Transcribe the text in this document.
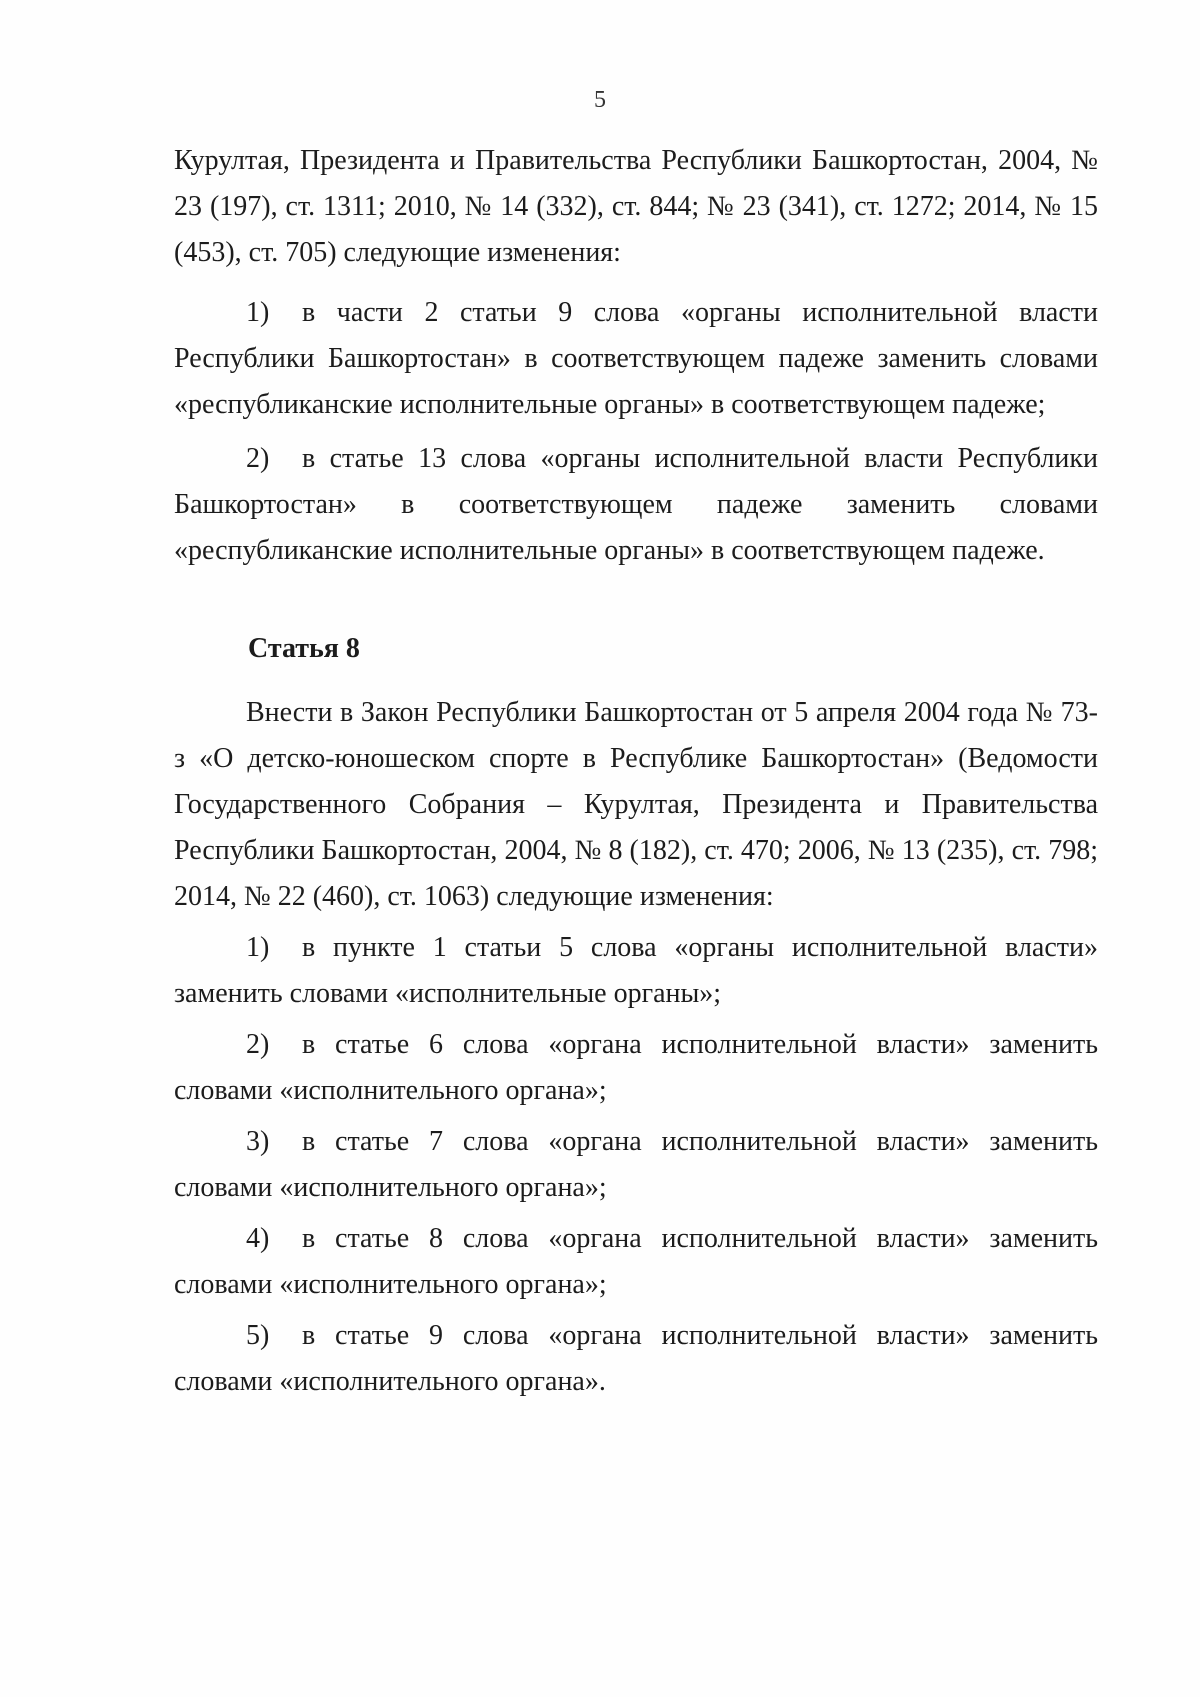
5

Курултая, Президента и Правительства Республики Башкортостан, 2004, № 23 (197), ст. 1311; 2010, № 14 (332), ст. 844; № 23 (341), ст. 1272; 2014, № 15 (453), ст. 705) следующие изменения:

1) в части 2 статьи 9 слова «органы исполнительной власти Республики Башкортостан» в соответствующем падеже заменить словами «республиканские исполнительные органы» в соответствующем падеже;

2) в статье 13 слова «органы исполнительной власти Республики Башкортостан» в соответствующем падеже заменить словами «республиканские исполнительные органы» в соответствующем падеже.

Статья 8

Внести в Закон Республики Башкортостан от 5 апреля 2004 года № 73-з «О детско-юношеском спорте в Республике Башкортостан» (Ведомости Государственного Собрания – Курултая, Президента и Правительства Республики Башкортостан, 2004, № 8 (182), ст. 470; 2006, № 13 (235), ст. 798; 2014, № 22 (460), ст. 1063) следующие изменения:

1) в пункте 1 статьи 5 слова «органы исполнительной власти» заменить словами «исполнительные органы»;

2) в статье 6 слова «органа исполнительной власти» заменить словами «исполнительного органа»;

3) в статье 7 слова «органа исполнительной власти» заменить словами «исполнительного органа»;

4) в статье 8 слова «органа исполнительной власти» заменить словами «исполнительного органа»;

5) в статье 9 слова «органа исполнительной власти» заменить словами «исполнительного органа».
